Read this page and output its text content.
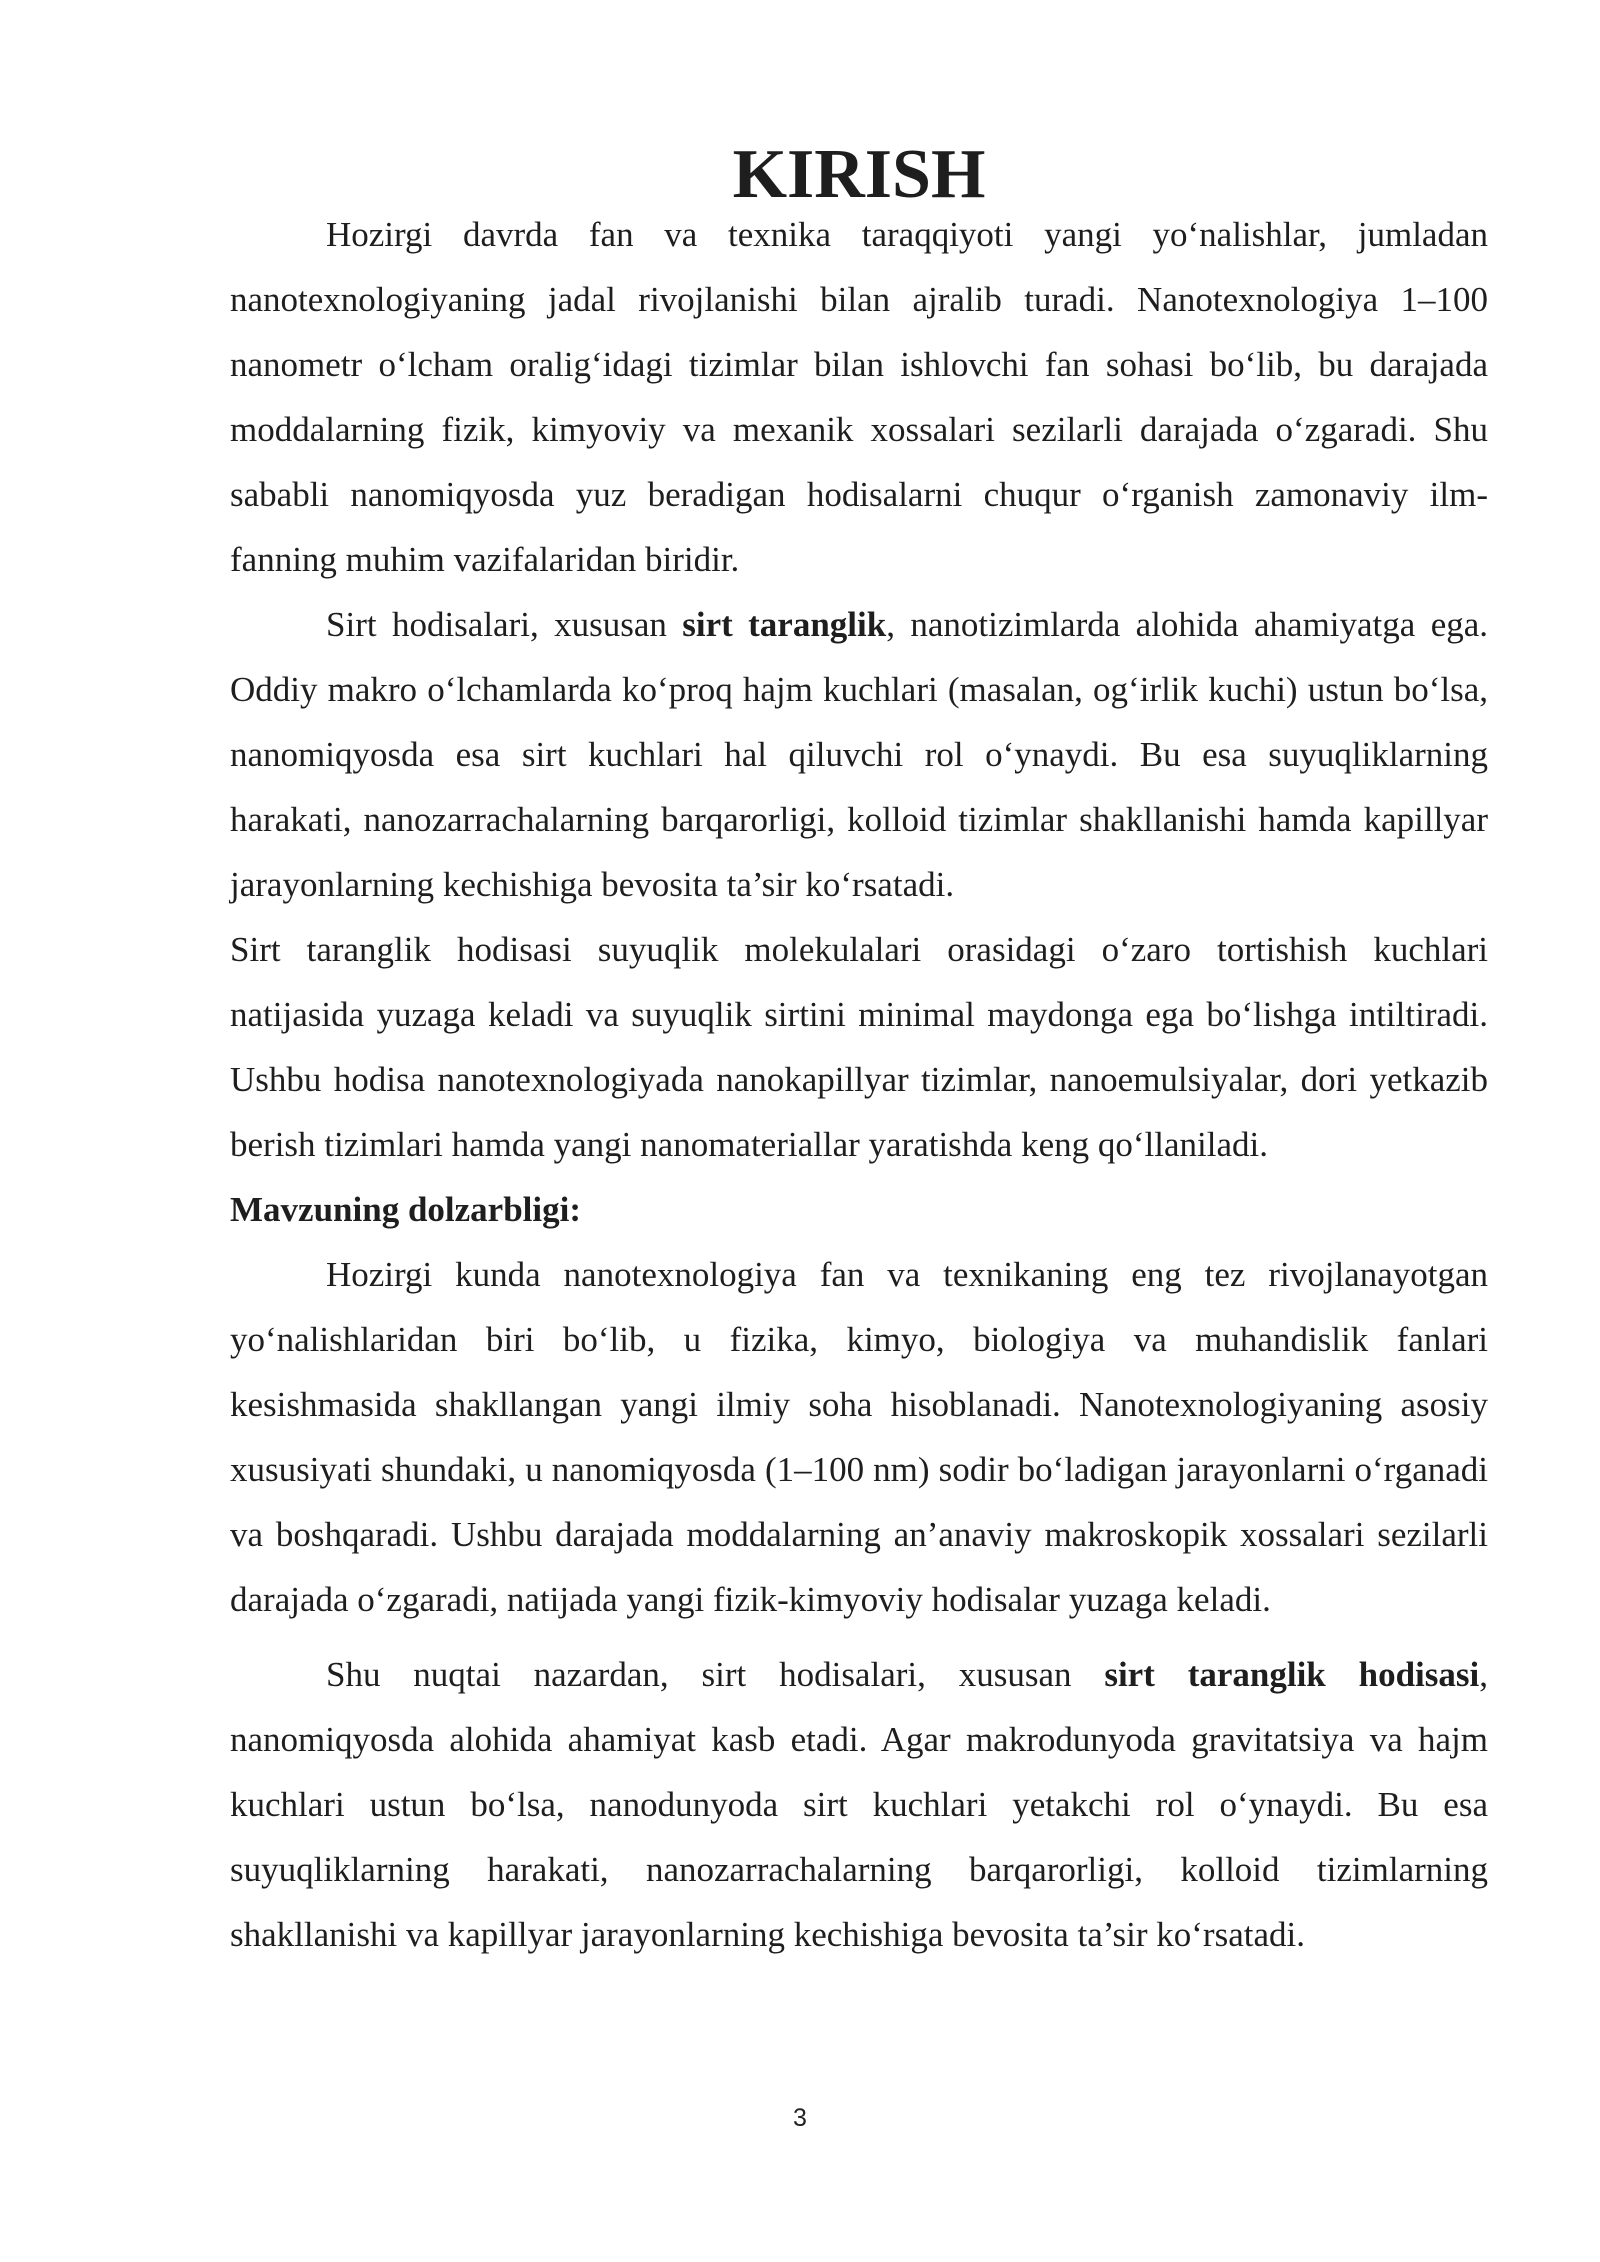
KIRISH

Hozirgi davrda fan va texnika taraqqiyoti yangi yo‘nalishlar, jumladan nanotexnologiyaning jadal rivojlanishi bilan ajralib turadi. Nanotexnologiya 1–100 nanometr o‘lcham oralig‘idagi tizimlar bilan ishlovchi fan sohasi bo‘lib, bu darajada moddalarning fizik, kimyoviy va mexanik xossalari sezilarli darajada o‘zgaradi. Shu sababli nanomiqyosda yuz beradigan hodisalarni chuqur o‘rganish zamonaviy ilm-fanning muhim vazifalaridan biridir.

Sirt hodisalari, xususan sirt taranglik, nanotizimlarda alohida ahamiyatga ega. Oddiy makro o‘lchamlarda ko‘proq hajm kuchlari (masalan, og‘irlik kuchi) ustun bo‘lsa, nanomiqyosda esa sirt kuchlari hal qiluvchi rol o‘ynaydi. Bu esa suyuqliklarning harakati, nanozarrachalarning barqarorligi, kolloid tizimlar shakllanishi hamda kapillyar jarayonlarning kechishiga bevosita ta’sir ko‘rsatadi.

Sirt taranglik hodisasi suyuqlik molekulalari orasidagi o‘zaro tortishish kuchlari natijasida yuzaga keladi va suyuqlik sirtini minimal maydonga ega bo‘lishga intiltiradi. Ushbu hodisa nanotexnologiyada nanokapillyar tizimlar, nanoemulsiyalar, dori yetkazib berish tizimlari hamda yangi nanomateriallar yaratishda keng qo‘llaniladi.

Mavzuning dolzarbligi:

Hozirgi kunda nanotexnologiya fan va texnikaning eng tez rivojlanayotgan yo‘nalishlaridan biri bo‘lib, u fizika, kimyo, biologiya va muhandislik fanlari kesishmasida shakllangan yangi ilmiy soha hisoblanadi. Nanotexnologiyaning asosiy xususiyati shundaki, u nanomiqyosda (1–100 nm) sodir bo‘ladigan jarayonlarni o‘rganadi va boshqaradi. Ushbu darajada moddalarning an’anaviy makroskopik xossalari sezilarli darajada o‘zgaradi, natijada yangi fizik-kimyoviy hodisalar yuzaga keladi.

Shu nuqtai nazardan, sirt hodisalari, xususan sirt taranglik hodisasi, nanomiqyosda alohida ahamiyat kasb etadi. Agar makrodunyoda gravitatsiya va hajm kuchlari ustun bo‘lsa, nanodunyoda sirt kuchlari yetakchi rol o‘ynaydi. Bu esa suyuqliklarning harakati, nanozarrachalarning barqarorligi, kolloid tizimlarning shakllanishi va kapillyar jarayonlarning kechishiga bevosita ta’sir ko‘rsatadi.

3
